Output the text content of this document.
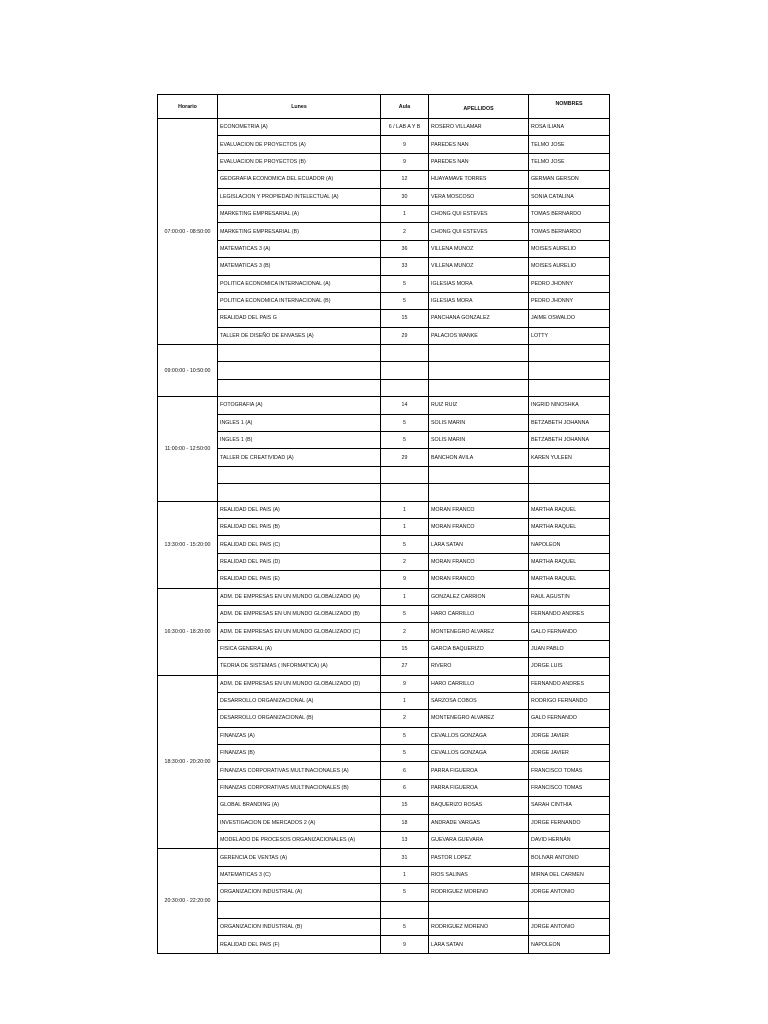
Horario	Lunes	Aula	APELLIDOS	NOMBRES
07:00:00 - 08:50:00	ECONOMETRIA (A)	6 / LAB A Y B	ROSERO VILLAMAR	ROSA ILIANA
	EVALUACION DE PROYECTOS (A)	9	PAREDES NAN	TELMO JOSE
	EVALUACION DE PROYECTOS (B)	9	PAREDES NAN	TELMO JOSE
	GEOGRAFIA ECONOMICA DEL ECUADOR (A)	12	HUAYAMAVE TORRES	GERMAN GERSON
	LEGISLACION Y PROPIEDAD INTELECTUAL (A)	30	VERA MOSCOSO	SONIA CATALINA
	MARKETING EMPRESARIAL (A)	1	CHONG QUI ESTEVES	TOMAS BERNARDO
	MARKETING EMPRESARIAL (B)	2	CHONG QUI ESTEVES	TOMAS BERNARDO
	MATEMATICAS 3 (A)	36	VILLENA MUNOZ	MOISES AURELIO
	MATEMATICAS 3 (B)	33	VILLENA MUNOZ	MOISES AURELIO
	POLITICA ECONOMICA INTERNACIONAL (A)	5	IGLESIAS MORA	PEDRO JHONNY
	POLITICA ECONOMICA INTERNACIONAL (B)	5	IGLESIAS MORA	PEDRO JHONNY
	REALIDAD DEL PAIS G	15	PANCHANA GONZALEZ	JAIME OSWALDO
	TALLER DE DISEÑO DE ENVASES (A)	29	PALACIOS WANKE	LOTTY
09:00:00 - 10:50:00				

11:00:00 - 12:50:00	FOTOGRAFIA (A)	14	RUIZ RUIZ	INGRID NINOSHKA
	INGLES 1 (A)	5	SOLIS MARIN	BETZABETH JOHANNA
	INGLES 1 (B)	5	SOLIS MARIN	BETZABETH JOHANNA
	TALLER DE CREATIVIDAD (A)	29	BANCHON AVILA	KAREN YULEEN

13:30:00 - 15:20:00	REALIDAD DEL PAIS (A)	1	MORAN FRANCO	MARTHA RAQUEL
	REALIDAD DEL PAIS (B)	1	MORAN FRANCO	MARTHA RAQUEL
	REALIDAD DEL PAIS (C)	5	LARA SATAN	NAPOLEON
	REALIDAD DEL PAIS (D)	2	MORAN FRANCO	MARTHA RAQUEL
	REALIDAD DEL PAIS (E)	9	MORAN FRANCO	MARTHA RAQUEL
16:30:00 - 18:20:00	ADM. DE EMPRESAS EN UN MUNDO GLOBALIZADO (A)	1	GONZALEZ CARRION	RAUL AGUSTIN
	ADM. DE EMPRESAS EN UN MUNDO GLOBALIZADO (B)	5	HARO CARRILLO	FERNANDO ANDRES
	ADM. DE EMPRESAS EN UN MUNDO GLOBALIZADO (C)	2	MONTENEGRO ALVAREZ	GALO FERNANDO
	FISICA GENERAL (A)	15	GARCIA BAQUERIZO	JUAN PABLO
	TEORIA DE SISTEMAS ( INFORMATICA) (A)	27	RIVERO	JORGE LUIS
18:30:00 - 20:20:00	ADM. DE EMPRESAS EN UN MUNDO GLOBALIZADO (D)	9	HARO CARRILLO	FERNANDO ANDRES
	DESARROLLO ORGANIZACIONAL (A)	1	SARZOSA COBOS	RODRIGO FERNANDO
	DESARROLLO ORGANIZACIONAL (B)	2	MONTENEGRO ALVAREZ	GALO FERNANDO
	FINANZAS (A)	5	CEVALLOS GONZAGA	JORGE JAVIER
	FINANZAS (B)	5	CEVALLOS GONZAGA	JORGE JAVIER
	FINANZAS CORPORATIVAS MULTINACIONALES (A)	6	PARRA FIGUEROA	FRANCISCO TOMAS
	FINANZAS CORPORATIVAS MULTINACIONALES (B)	6	PARRA FIGUEROA	FRANCISCO TOMAS
	GLOBAL BRANDING (A)	15	BAQUERIZO ROSAS	SARAH CINTHIA
	INVESTIGACION DE MERCADOS 2 (A)	18	ANDRADE VARGAS	JORGE FERNANDO
	MODELADO DE PROCESOS ORGANIZACIONALES (A)	13	GUEVARA GUEVARA	DAVID HERNÁN
20:30:00 - 22:20:00	GERENCIA DE VENTAS (A)	31	PASTOR LOPEZ	BOLIVAR ANTONIO
	MATEMATICAS 3 (C)	1	RIOS SALINAS	MIRNA DEL CARMEN
	ORGANIZACION INDUSTRIAL (A)	5	RODRIGUEZ MORENO	JORGE ANTONIO

	ORGANIZACION INDUSTRIAL (B)	5	RODRIGUEZ MORENO	JORGE ANTONIO
	REALIDAD DEL PAIS (F)	9	LARA SATAN	NAPOLEON
